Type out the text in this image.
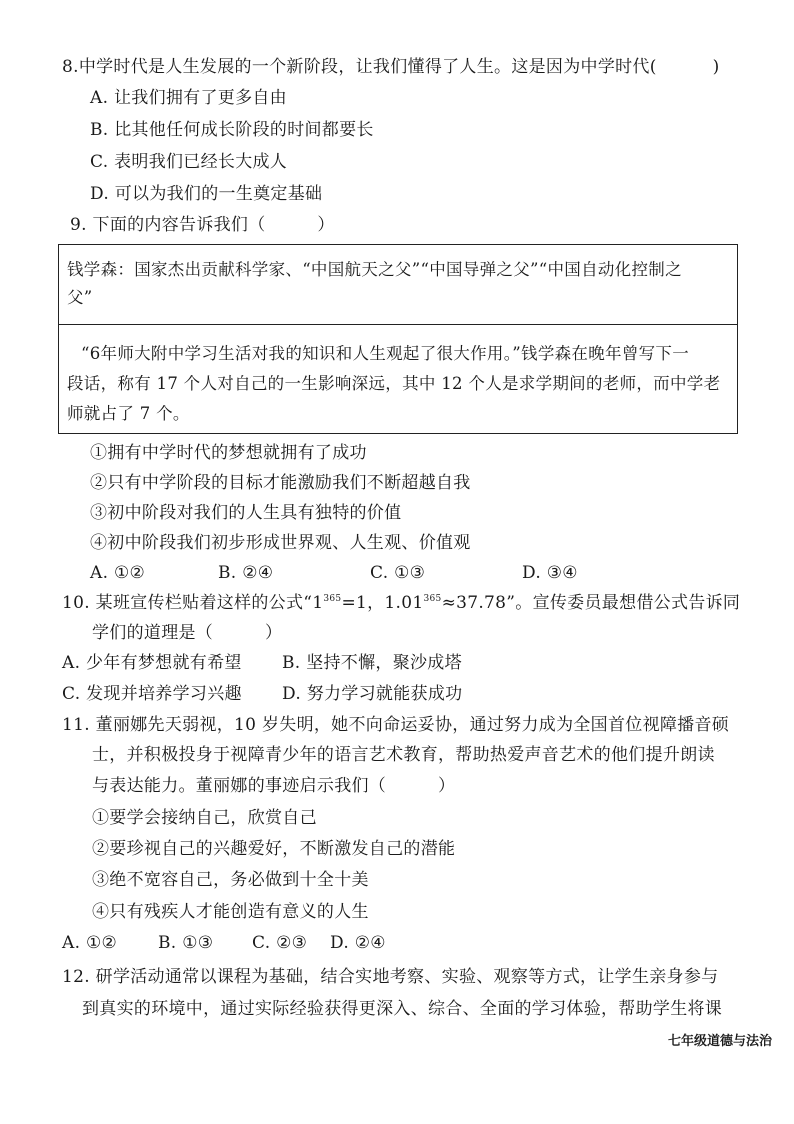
8.中学时代是人生发展的一个新阶段，让我们懂得了人生。这是因为中学时代(	)
A. 让我们拥有了更多自由
B. 比其他任何成长阶段的时间都要长
C. 表明我们已经长大成人
D. 可以为我们的一生奠定基础
9. 下面的内容告诉我们（　　　）
钱学森：国家杰出贡献科学家、“中国航天之父”“中国导弹之父”“中国自动化控制之
父”
“6年师大附中学习生活对我的知识和人生观起了很大作用。”钱学森在晚年曾写下一
段话，称有 17 个人对自己的一生影响深远，其中 12 个人是求学期间的老师，而中学老
师就占了 7 个。
①拥有中学时代的梦想就拥有了成功
②只有中学阶段的目标才能激励我们不断超越自我
③初中阶段对我们的人生具有独特的价值
④初中阶段我们初步形成世界观、人生观、价值观
A. ①②	B. ②④	C. ①③	D. ③④
10. 某班宣传栏贴着这样的公式“$1^{365}=1$，$1.01^{365}\approx 37.78$”。宣传委员最想借公式告诉同
学们的道理是（　　　）
A. 少年有梦想就有希望 B. 坚持不懈，聚沙成塔
C. 发现并培养学习兴趣 D. 努力学习就能获成功
11. 董丽娜先天弱视，10 岁失明，她不向命运妥协，通过努力成为全国首位视障播音硕
士，并积极投身于视障青少年的语言艺术教育，帮助热爱声音艺术的他们提升朗读
与表达能力。董丽娜的事迹启示我们（　　　）
①要学会接纳自己，欣赏自己
②要珍视自己的兴趣爱好，不断激发自己的潜能
③绝不宽容自己，务必做到十全十美
④只有残疾人才能创造有意义的人生
A. ①② B. ①③ C. ②③ D. ②④
12. 研学活动通常以课程为基础，结合实地考察、实验、观察等方式，让学生亲身参与
到真实的环境中，通过实际经验获得更深入、综合、全面的学习体验，帮助学生将课
七年级道德与法治
